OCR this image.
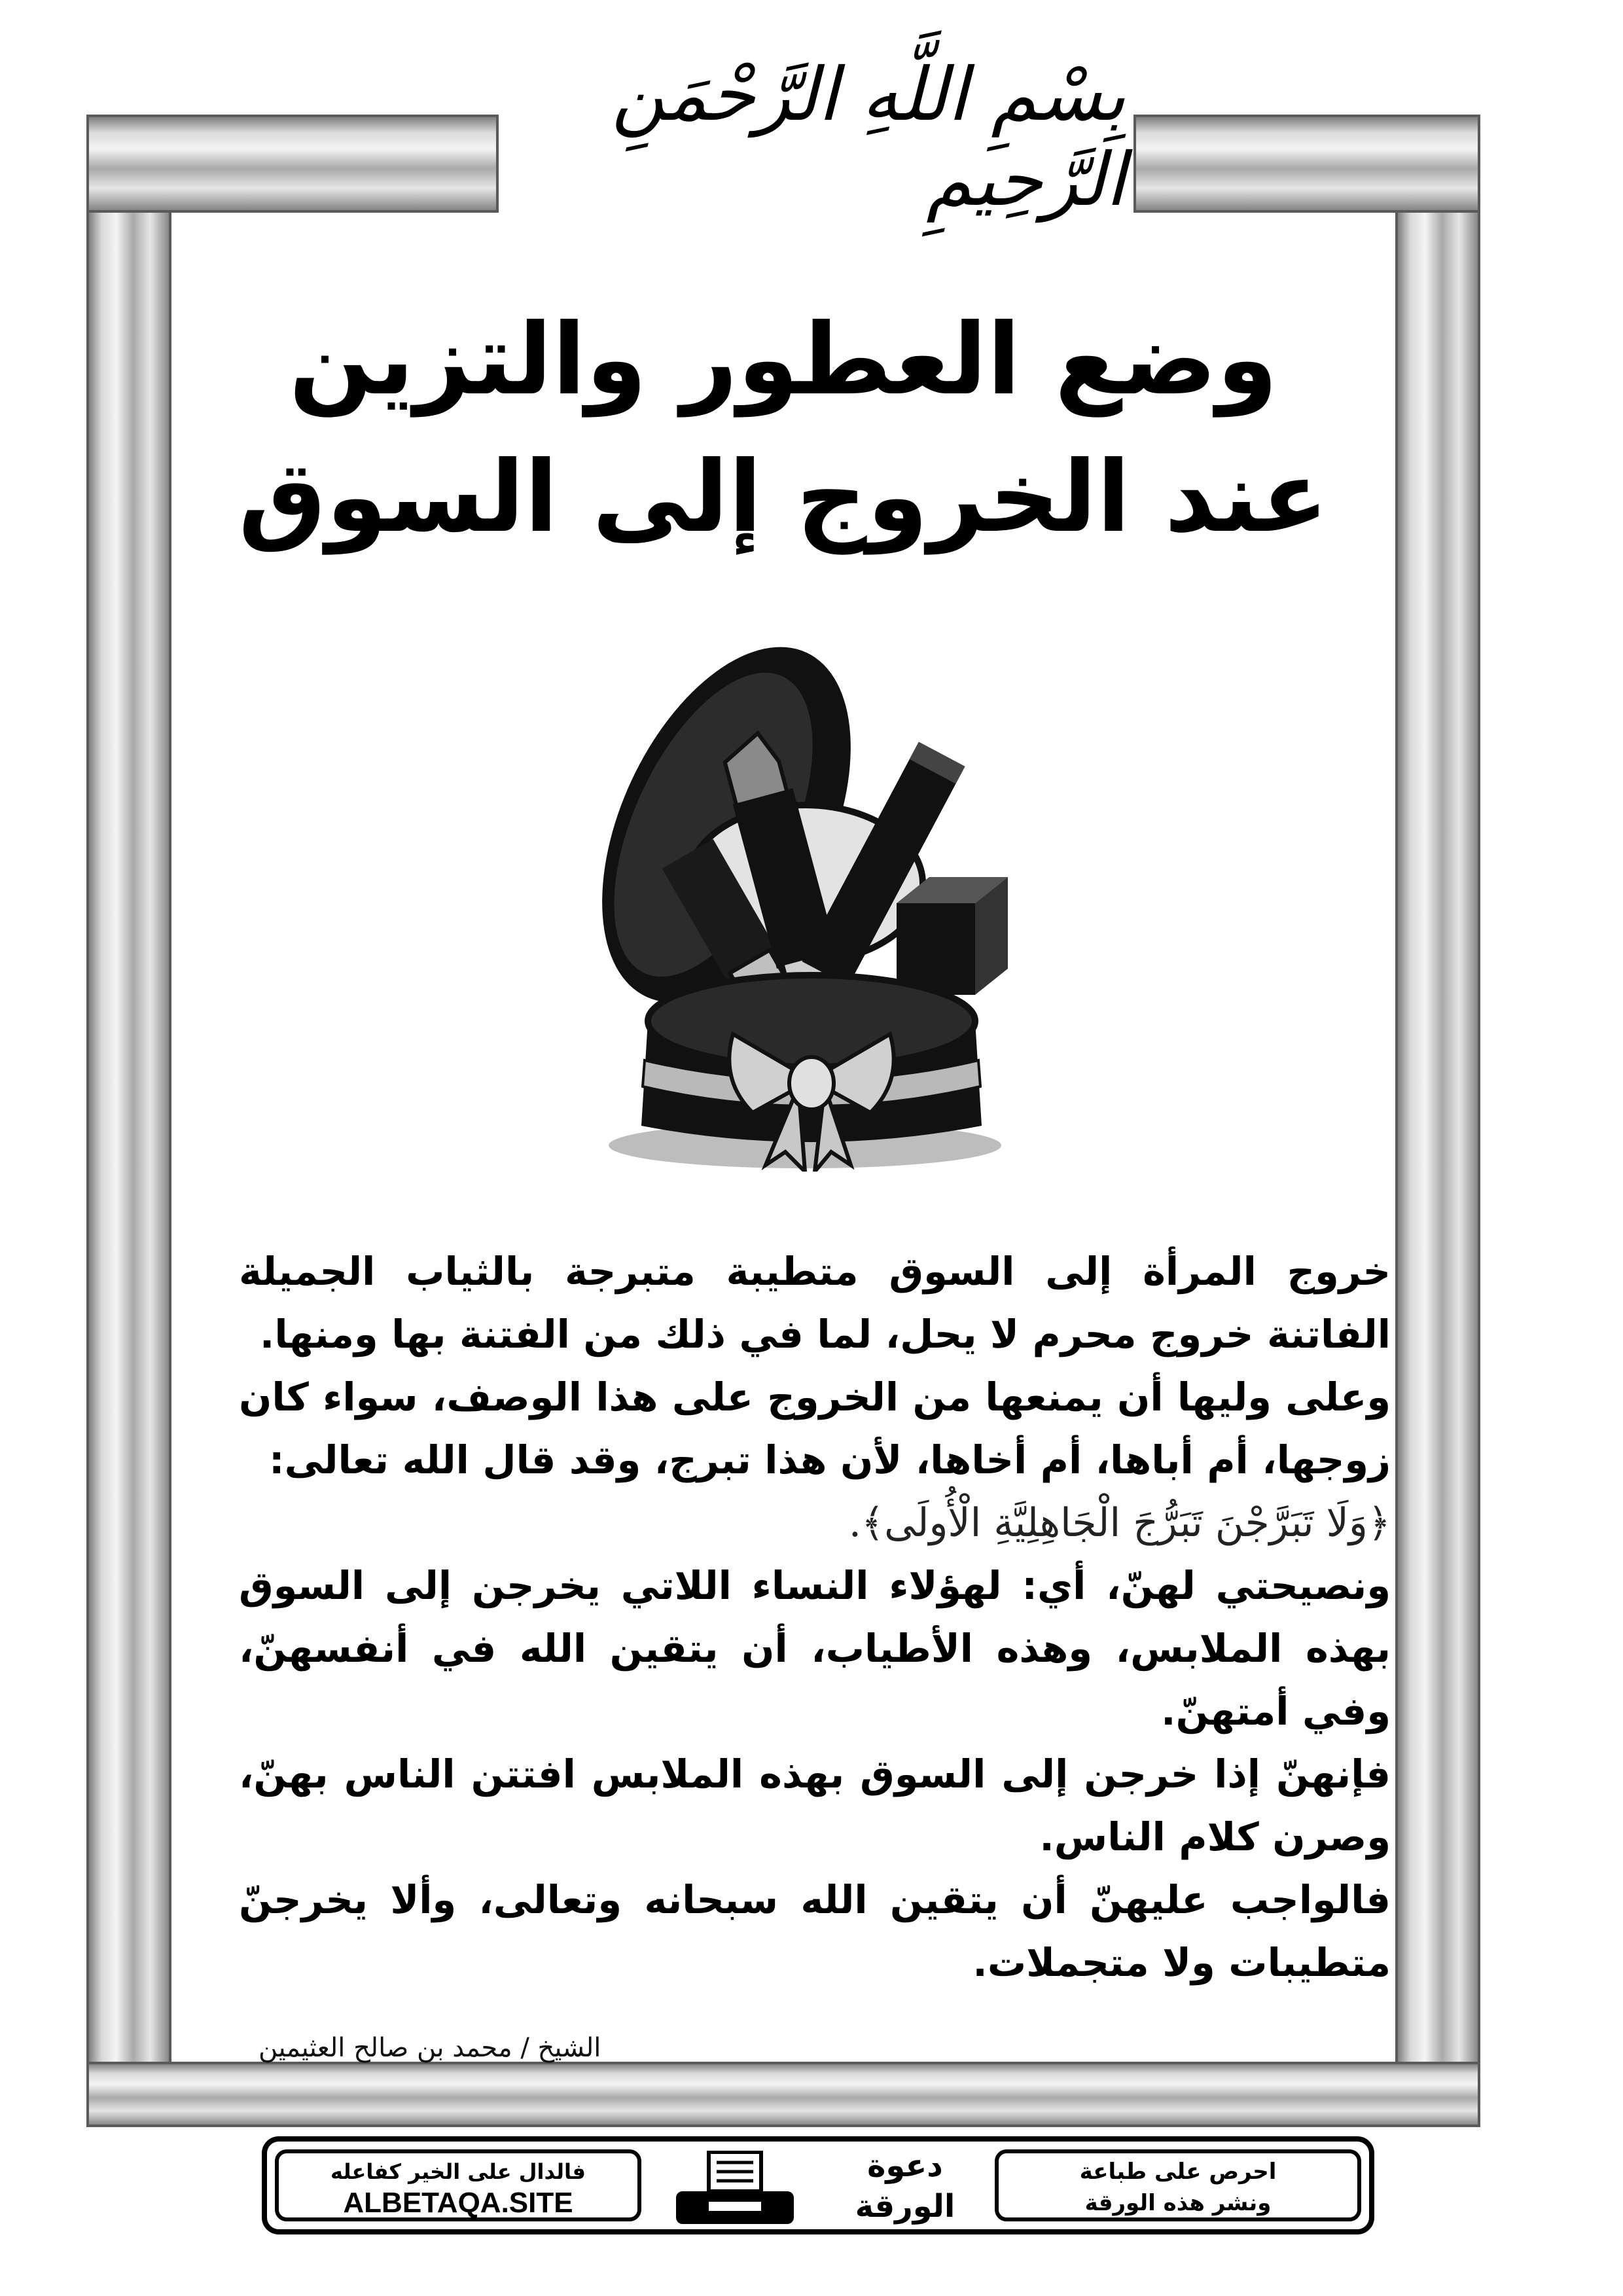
بِسْمِ اللَّهِ الرَّحْمَنِ الرَّحِيمِ
وضع العطور والتزين
عند الخروج إلى السوق

خروج المرأة إلى السوق متطيبة متبرجة بالثياب الجميلة الفاتنة خروج محرم لا يحل، لما في ذلك من الفتنة بها ومنها.

وعلى وليها أن يمنعها من الخروج على هذا الوصف، سواء كان زوجها، أم أباها، أم أخاها، لأن هذا تبرج، وقد قال الله تعالى:

﴿وَلَا تَبَرَّجْنَ تَبَرُّجَ الْجَاهِلِيَّةِ الْأُولَى﴾.

ونصيحتي لهنّ، أي: لهؤلاء النساء اللاتي يخرجن إلى السوق بهذه الملابس، وهذه الأطياب، أن يتقين الله في أنفسهنّ، وفي أمتهنّ.

فإنهنّ إذا خرجن إلى السوق بهذه الملابس افتتن الناس بهنّ، وصرن كلام الناس.

فالواجب عليهنّ أن يتقين الله سبحانه وتعالى، وألا يخرجنّ متطيبات ولا متجملات.

الشيخ / محمد بن صالح العثيمين
فالدال على الخير كفاعله
ALBETAQA.SITE
دعوة
الورقة
احرص على طباعة
ونشر هذه الورقة
